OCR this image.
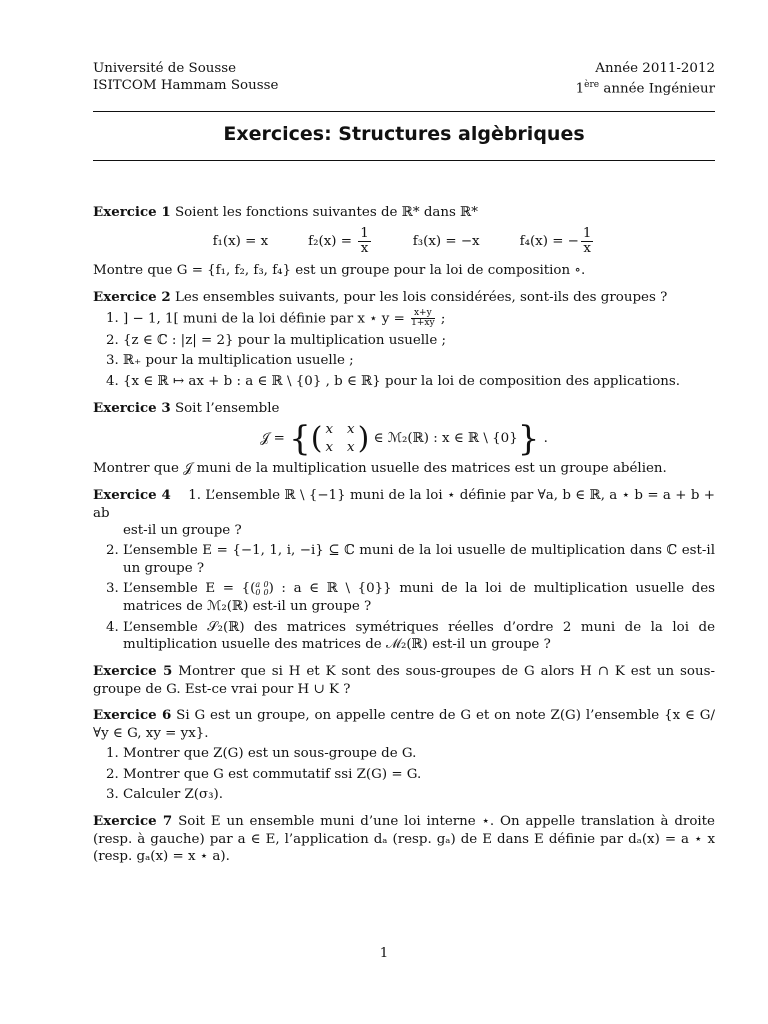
Université de Sousse
ISITCOM Hammam Sousse
Année 2011-2012
1ère année Ingénieur
Exercices: Structures algèbriques
Exercice 1 Soient les fonctions suivantes de ℝ* dans ℝ*
f₁(x) = x	$f_2(x) = \frac{1}{x}$	f₃(x) = −x	f₄(x) = − $\frac{1}{x}$
Montre que G = {f₁, f₂, f₃, f₄} est un groupe pour la loi de composition ∘.
Exercice 2 Les ensembles suivants, pour les lois considérées, sont-ils des groupes ?
1. ] − 1, 1[ muni de la loi définie par x ⋆ $y = \frac{x+y}{1+xy}$ ;
2. {z ∈ ℂ : |z| = 2} pour la multiplication usuelle ;
3. ℝ₊ pour la multiplication usuelle ;
4. {x ∈ ℝ ↦ ax + b : a ∈ ℝ \ {0} , b ∈ ℝ} pour la loi de composition des applications.
Exercice 3 Soit l’ensemble
𝒥 = { ( x x
x x )
∈ ℳ₂(ℝ) : x ∈ ℝ \ {0} } .
Montrer que 𝒥 muni de la multiplication usuelle des matrices est un groupe abélien.
Exercice 4 1. L’ensemble ℝ \ {−1} muni de la loi ⋆ définie par ∀a, b ∈ ℝ, a ⋆ b = a + b + ab
est-il un groupe ?
2. L’ensemble E = {−1, 1, i, −i} ⊆ ℂ muni de la loi usuelle de multiplication dans ℂ est-il un groupe ?
3. L’ensemble E = {( a 0
0 0 ) : a ∈ ℝ \ {0}} muni de la loi de multiplication usuelle des matrices de ℳ₂(ℝ) est-il un groupe ?
4. L’ensemble 𝒮₂(ℝ) des matrices symétriques réelles d’ordre 2 muni de la loi de multiplication usuelle des matrices de ℳ₂(ℝ) est-il un groupe ?
Exercice 5 Montrer que si H et K sont des sous-groupes de G alors H ∩ K est un sous-groupe de G. Est-ce vrai pour H ∪ K ?
Exercice 6 Si G est un groupe, on appelle centre de G et on note Z(G) l’ensemble {x ∈ G/∀y ∈ G, xy = yx}.
1. Montrer que Z(G) est un sous-groupe de G.
2. Montrer que G est commutatif ssi Z(G) = G.
3. Calculer Z(σ₃).
Exercice 7 Soit E un ensemble muni d’une loi interne ⋆. On appelle translation à droite (resp. à gauche) par a ∈ E, l’application dₐ (resp. gₐ) de E dans E définie par dₐ(x) = a ⋆ x (resp. gₐ(x) = x ⋆ a).
1
